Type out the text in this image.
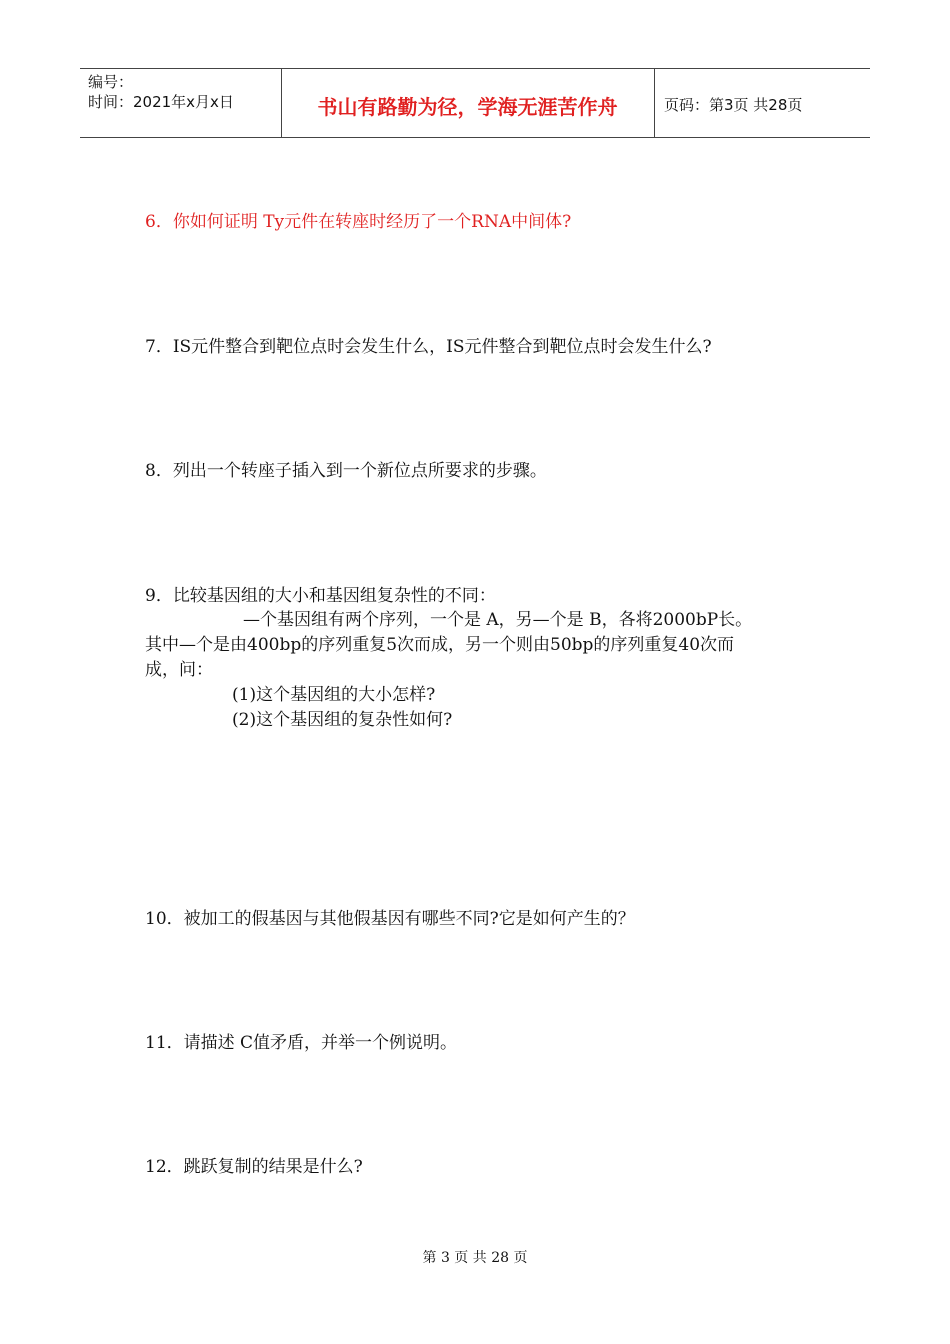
编号：
时间：2021年x月x日	书山有路勤为径，学海无涯苦作舟	页码：第3页 共28页
6．你如何证明 Ty元件在转座时经历了一个RNA中间体?
7．IS元件整合到靶位点时会发生什么，IS元件整合到靶位点时会发生什么?
8．列出一个转座子插入到一个新位点所要求的步骤。
9．比较基因组的大小和基因组复杂性的不同：
—个基因组有两个序列，一个是 A，另—个是 B，各将2000bP长。
其中—个是由400bp的序列重复5次而成，另一个则由50bp的序列重复40次而
成，问：
(1)这个基因组的大小怎样?
(2)这个基因组的复杂性如何?
10．被加工的假基因与其他假基因有哪些不同?它是如何产生的？
11．请描述 C值矛盾，并举一个例说明。
12．跳跃复制的结果是什么?
第 3 页 共 28 页
